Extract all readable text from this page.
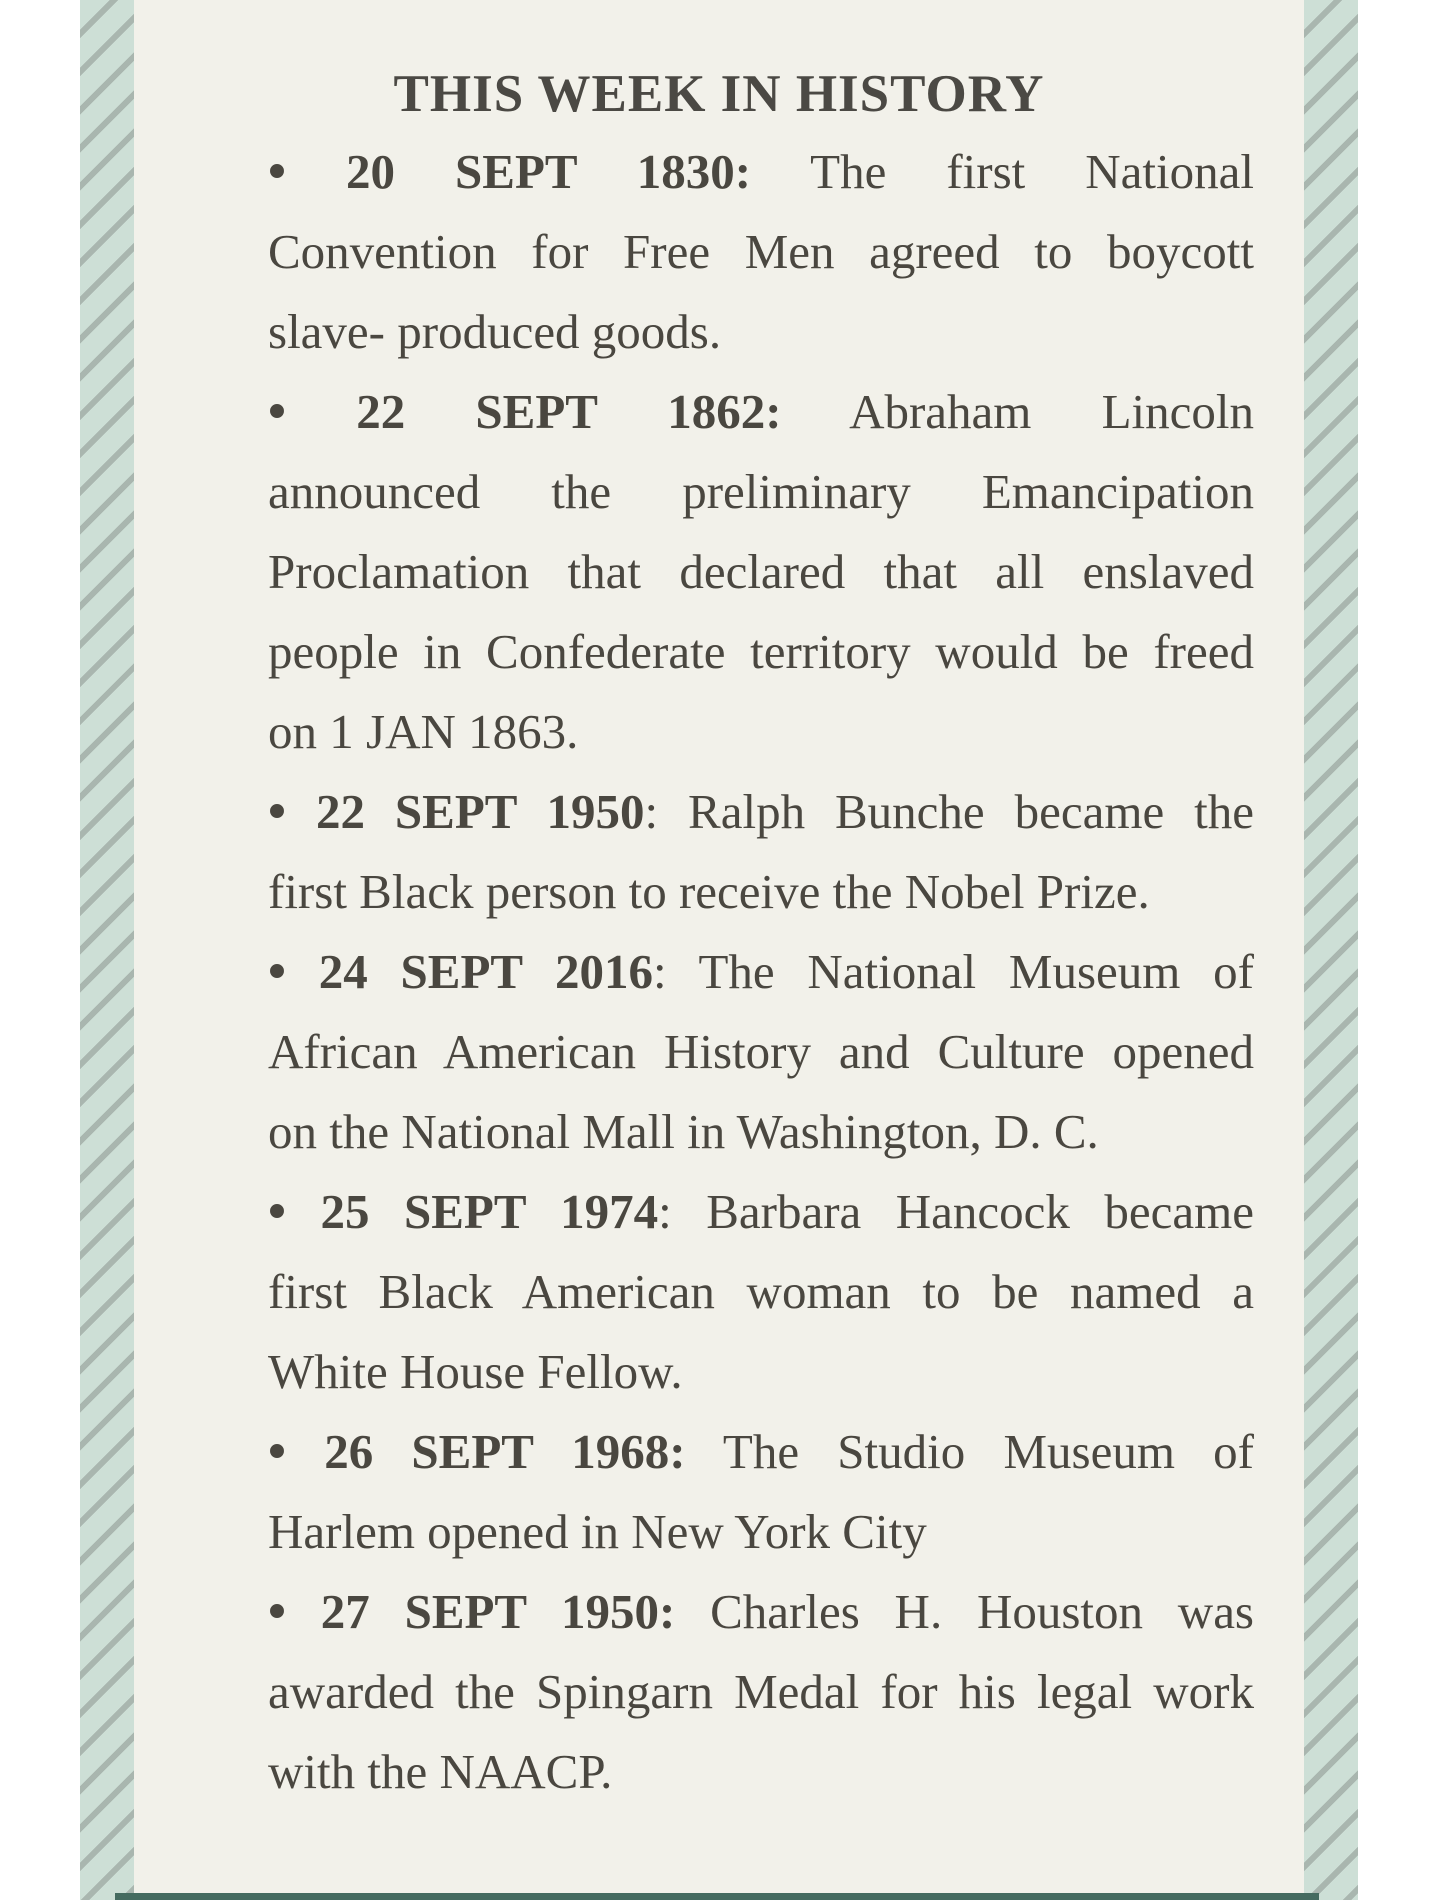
THIS WEEK IN HISTORY
• 20 SEPT 1830: The first National
Convention for Free Men agreed to boycott
slave- produced goods.
• 22 SEPT 1862: Abraham Lincoln
announced the preliminary Emancipation
Proclamation that declared that all enslaved
people in Confederate territory would be freed
on 1 JAN 1863.
• 22 SEPT 1950: Ralph Bunche became the
first Black person to receive the Nobel Prize.
• 24 SEPT 2016: The National Museum of
African American History and Culture opened
on the National Mall in Washington, D. C.
• 25 SEPT 1974: Barbara Hancock became
first Black American woman to be named a
White House Fellow.
• 26 SEPT 1968: The Studio Museum of
Harlem opened in New York City
• 27 SEPT 1950: Charles H. Houston was
awarded the Spingarn Medal for his legal work
with the NAACP.
